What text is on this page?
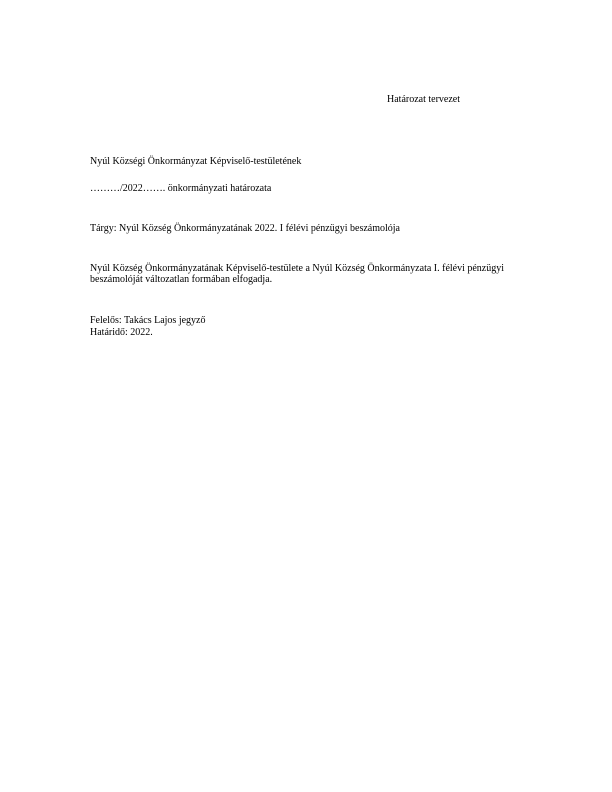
Határozat tervezet
Nyúl Községi Önkormányzat Képviselő-testületének
………/2022……. önkormányzati határozata
Tárgy: Nyúl Község Önkormányzatának 2022. I félévi pénzügyi beszámolója
Nyúl Község Önkormányzatának Képviselő-testülete a Nyúl Község Önkormányzata I. félévi pénzügyi beszámolóját változatlan formában elfogadja.
Felelős: Takács Lajos jegyző
Határidő: 2022.
